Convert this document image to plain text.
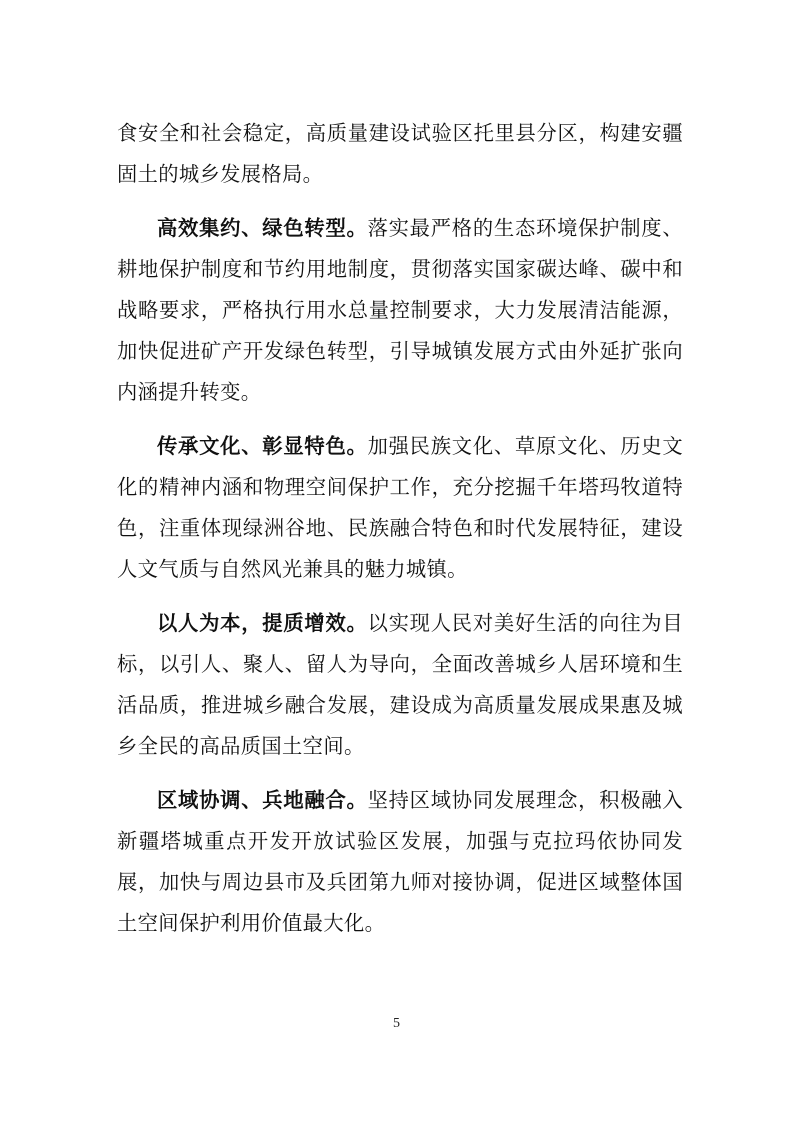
食安全和社会稳定，高质量建设试验区托里县分区，构建安疆固土的城乡发展格局。

高效集约、绿色转型。落实最严格的生态环境保护制度、耕地保护制度和节约用地制度，贯彻落实国家碳达峰、碳中和战略要求，严格执行用水总量控制要求，大力发展清洁能源，加快促进矿产开发绿色转型，引导城镇发展方式由外延扩张向内涵提升转变。

传承文化、彰显特色。加强民族文化、草原文化、历史文化的精神内涵和物理空间保护工作，充分挖掘千年塔玛牧道特色，注重体现绿洲谷地、民族融合特色和时代发展特征，建设人文气质与自然风光兼具的魅力城镇。

以人为本，提质增效。以实现人民对美好生活的向往为目标，以引人、聚人、留人为导向，全面改善城乡人居环境和生活品质，推进城乡融合发展，建设成为高质量发展成果惠及城乡全民的高品质国土空间。

区域协调、兵地融合。坚持区域协同发展理念，积极融入新疆塔城重点开发开放试验区发展，加强与克拉玛依协同发展，加快与周边县市及兵团第九师对接协调，促进区域整体国土空间保护利用价值最大化。

5
